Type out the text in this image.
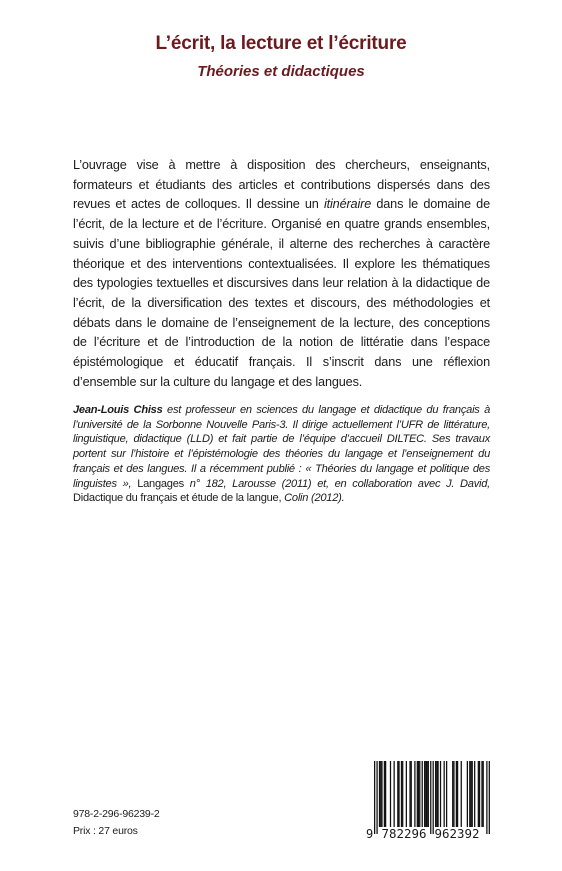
L’écrit, la lecture et l’écriture
Théories et didactiques

L’ouvrage vise à mettre à disposition des chercheurs, enseignants, formateurs et étudiants des articles et contributions dispersés dans des revues et actes de colloques. Il dessine un itinéraire dans le domaine de l’écrit, de la lecture et de l’écriture. Organisé en quatre grands ensembles, suivis d’une bibliographie générale, il alterne des recherches à caractère théorique et des interventions contextualisées. Il explore les thématiques des typologies textuelles et discursives dans leur relation à la didactique de l’écrit, de la diversification des textes et discours, des méthodologies et débats dans le domaine de l’enseignement de la lecture, des conceptions de l’écriture et de l’introduction de la notion de littératie dans l’espace épistémologique et éducatif français. Il s’inscrit dans une réflexion d’ensemble sur la culture du langage et des langues.

Jean-Louis Chiss est professeur en sciences du langage et didactique du français à l’université de la Sorbonne Nouvelle Paris-3. Il dirige actuellement l’UFR de littérature, linguistique, didactique (LLD) et fait partie de l’équipe d’accueil DILTEC. Ses travaux portent sur l’histoire et l’épistémologie des théories du langage et l’enseignement du français et des langues. Il a récemment publié : « Théories du langage et politique des linguistes », Langages n° 182, Larousse (2011) et, en collaboration avec J. David, Didactique du français et étude de la langue, Colin (2012).

978-2-296-96239-2
Prix : 27 euros	9 782296 962392
